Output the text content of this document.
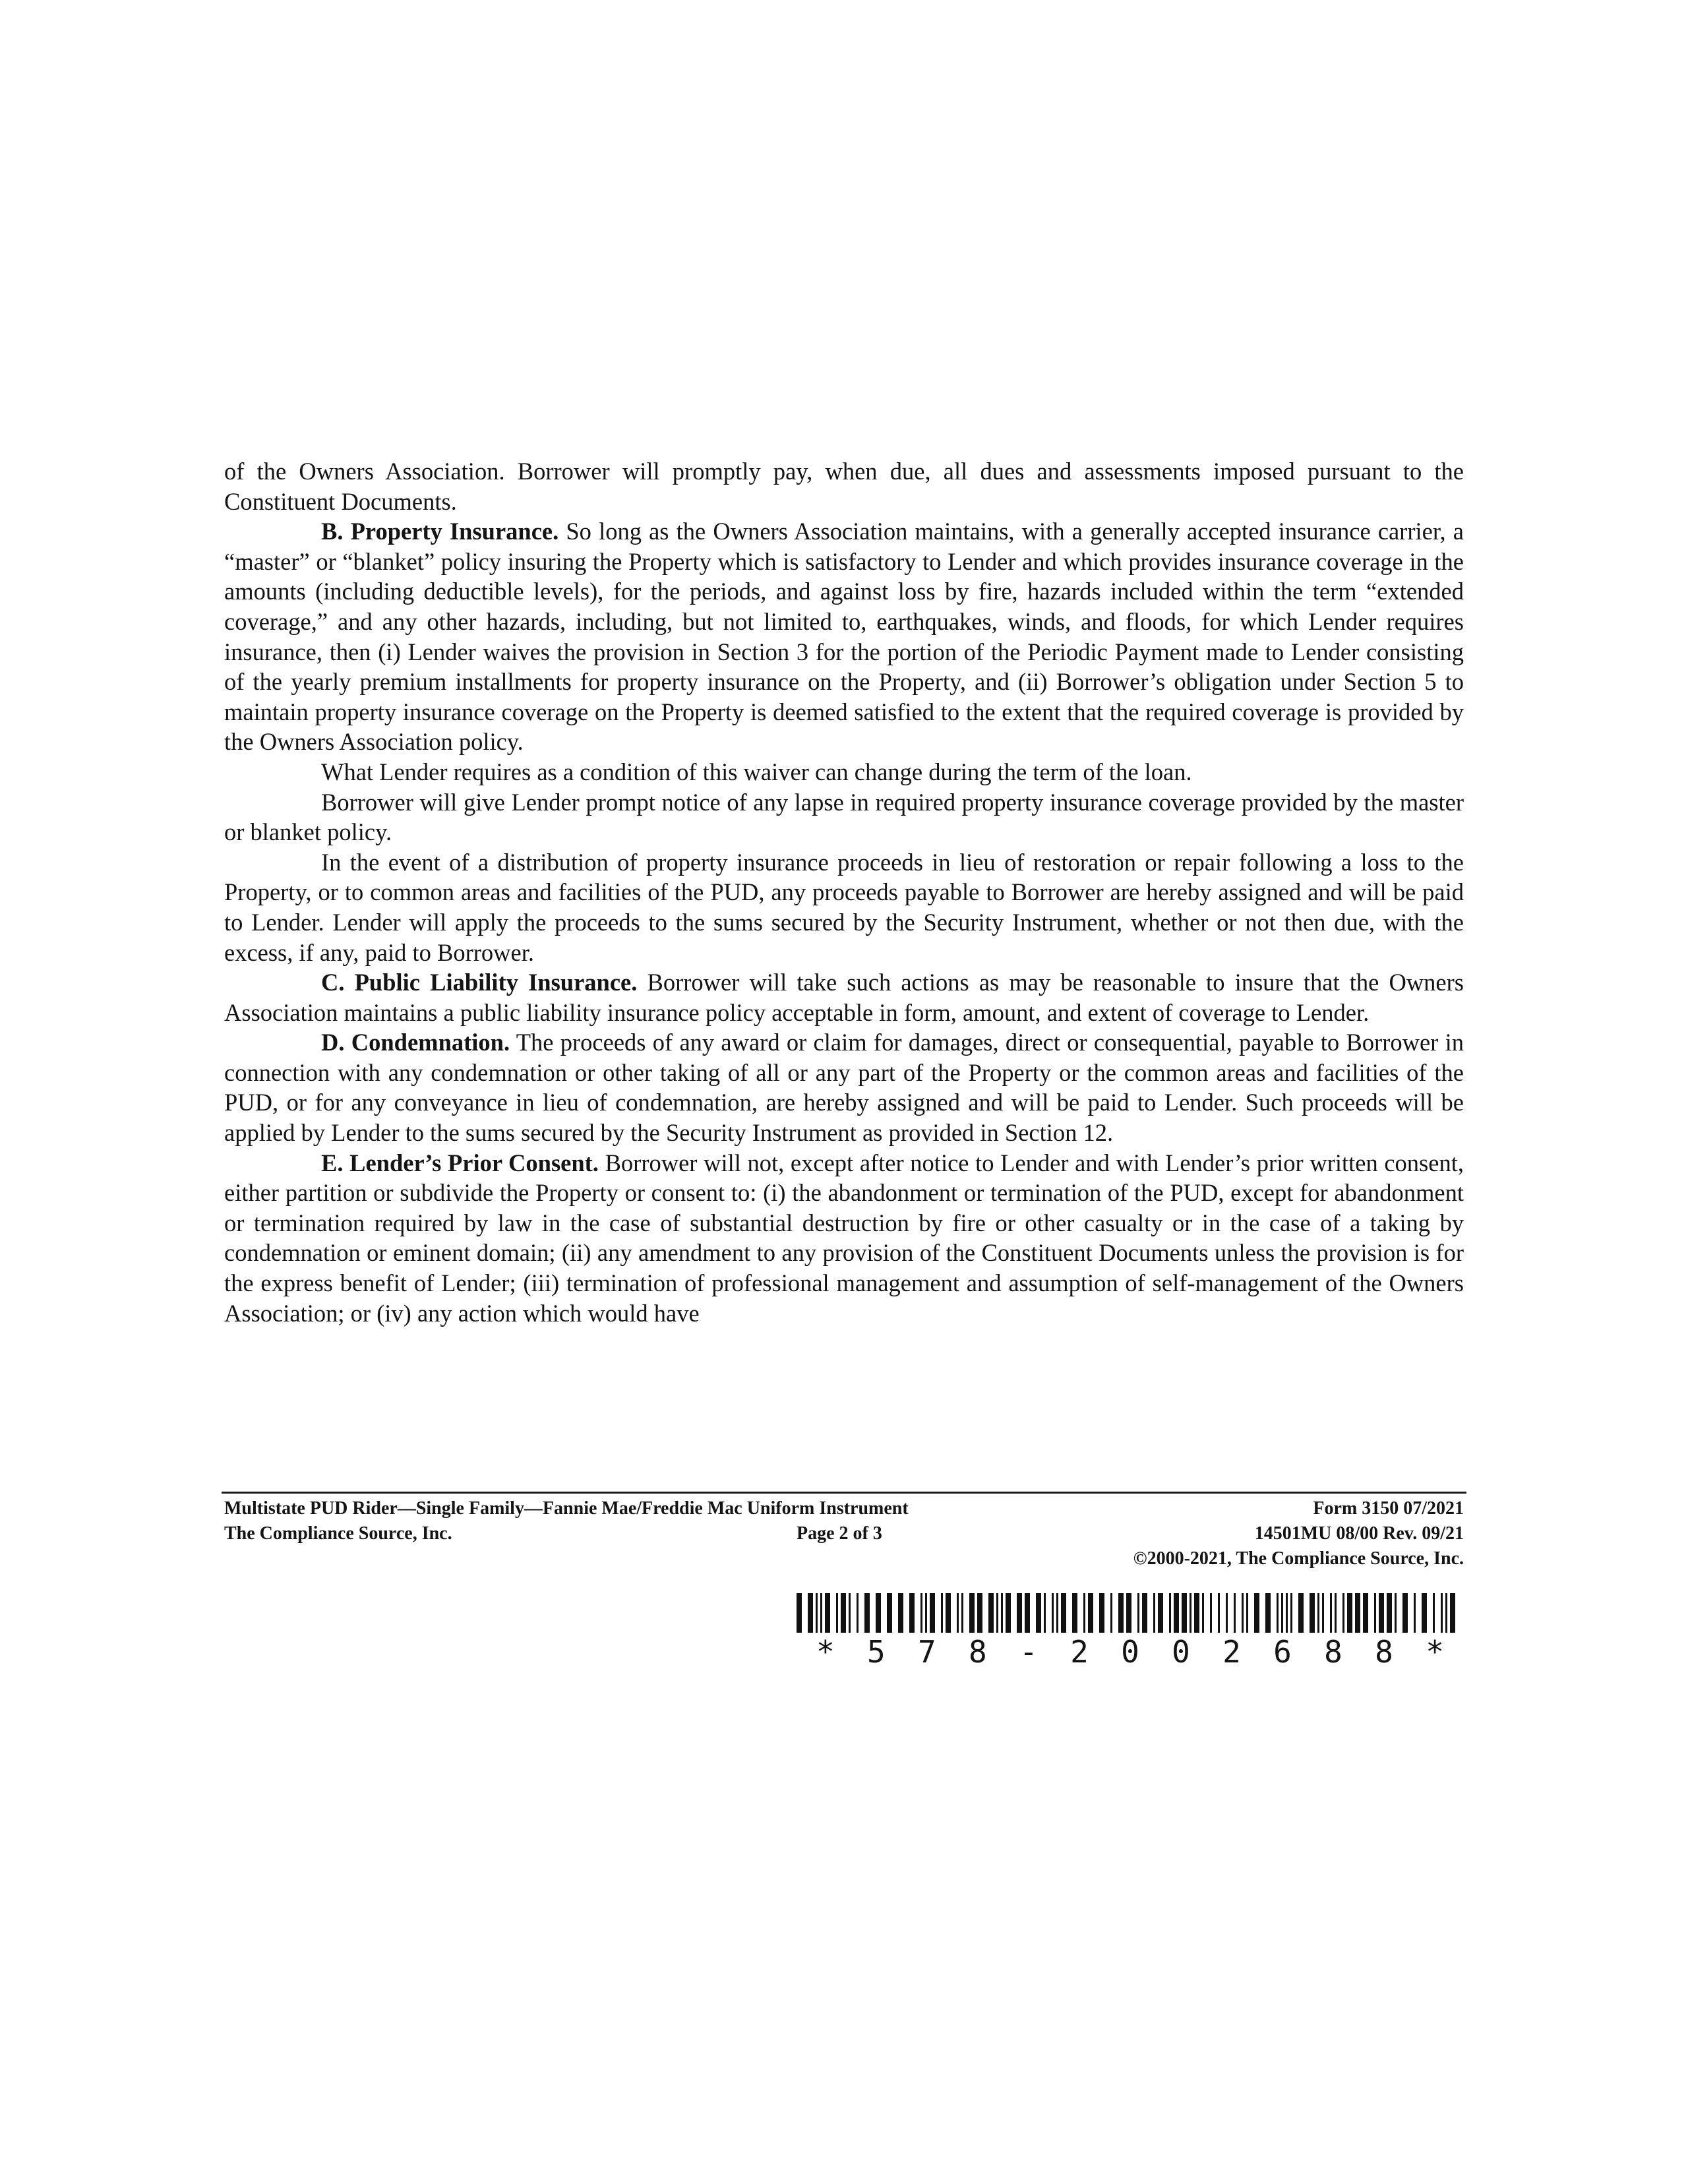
of the Owners Association. Borrower will promptly pay, when due, all dues and assessments imposed pursuant to the Constituent Documents.

B. Property Insurance. So long as the Owners Association maintains, with a generally accepted insurance carrier, a “master” or “blanket” policy insuring the Property which is satisfactory to Lender and which provides insurance coverage in the amounts (including deductible levels), for the periods, and against loss by fire, hazards included within the term “extended coverage,” and any other hazards, including, but not limited to, earthquakes, winds, and floods, for which Lender requires insurance, then (i) Lender waives the provision in Section 3 for the portion of the Periodic Payment made to Lender consisting of the yearly premium installments for property insurance on the Property, and (ii) Borrower’s obligation under Section 5 to maintain property insurance coverage on the Property is deemed satisfied to the extent that the required coverage is provided by the Owners Association policy.

What Lender requires as a condition of this waiver can change during the term of the loan.

Borrower will give Lender prompt notice of any lapse in required property insurance coverage provided by the master or blanket policy.

In the event of a distribution of property insurance proceeds in lieu of restoration or repair following a loss to the Property, or to common areas and facilities of the PUD, any proceeds payable to Borrower are hereby assigned and will be paid to Lender. Lender will apply the proceeds to the sums secured by the Security Instrument, whether or not then due, with the excess, if any, paid to Borrower.

C. Public Liability Insurance. Borrower will take such actions as may be reasonable to insure that the Owners Association maintains a public liability insurance policy acceptable in form, amount, and extent of coverage to Lender.

D. Condemnation. The proceeds of any award or claim for damages, direct or consequential, payable to Borrower in connection with any condemnation or other taking of all or any part of the Property or the common areas and facilities of the PUD, or for any conveyance in lieu of condemnation, are hereby assigned and will be paid to Lender. Such proceeds will be applied by Lender to the sums secured by the Security Instrument as provided in Section 12.

E. Lender’s Prior Consent. Borrower will not, except after notice to Lender and with Lender’s prior written consent, either partition or subdivide the Property or consent to: (i) the abandonment or termination of the PUD, except for abandonment or termination required by law in the case of substantial destruction by fire or other casualty or in the case of a taking by condemnation or eminent domain; (ii) any amendment to any provision of the Constituent Documents unless the provision is for the express benefit of Lender; (iii) termination of professional management and assumption of self-management of the Owners Association; or (iv) any action which would have

Multistate PUD Rider—Single Family—Fannie Mae/Freddie Mac Uniform Instrument	Form 3150 07/2021
The Compliance Source, Inc.	Page 2 of 3	14501MU 08/00 Rev. 09/21
©2000-2021, The Compliance Source, Inc.
* 5 7 8 - 2 0 0 2 6 8 8 *
